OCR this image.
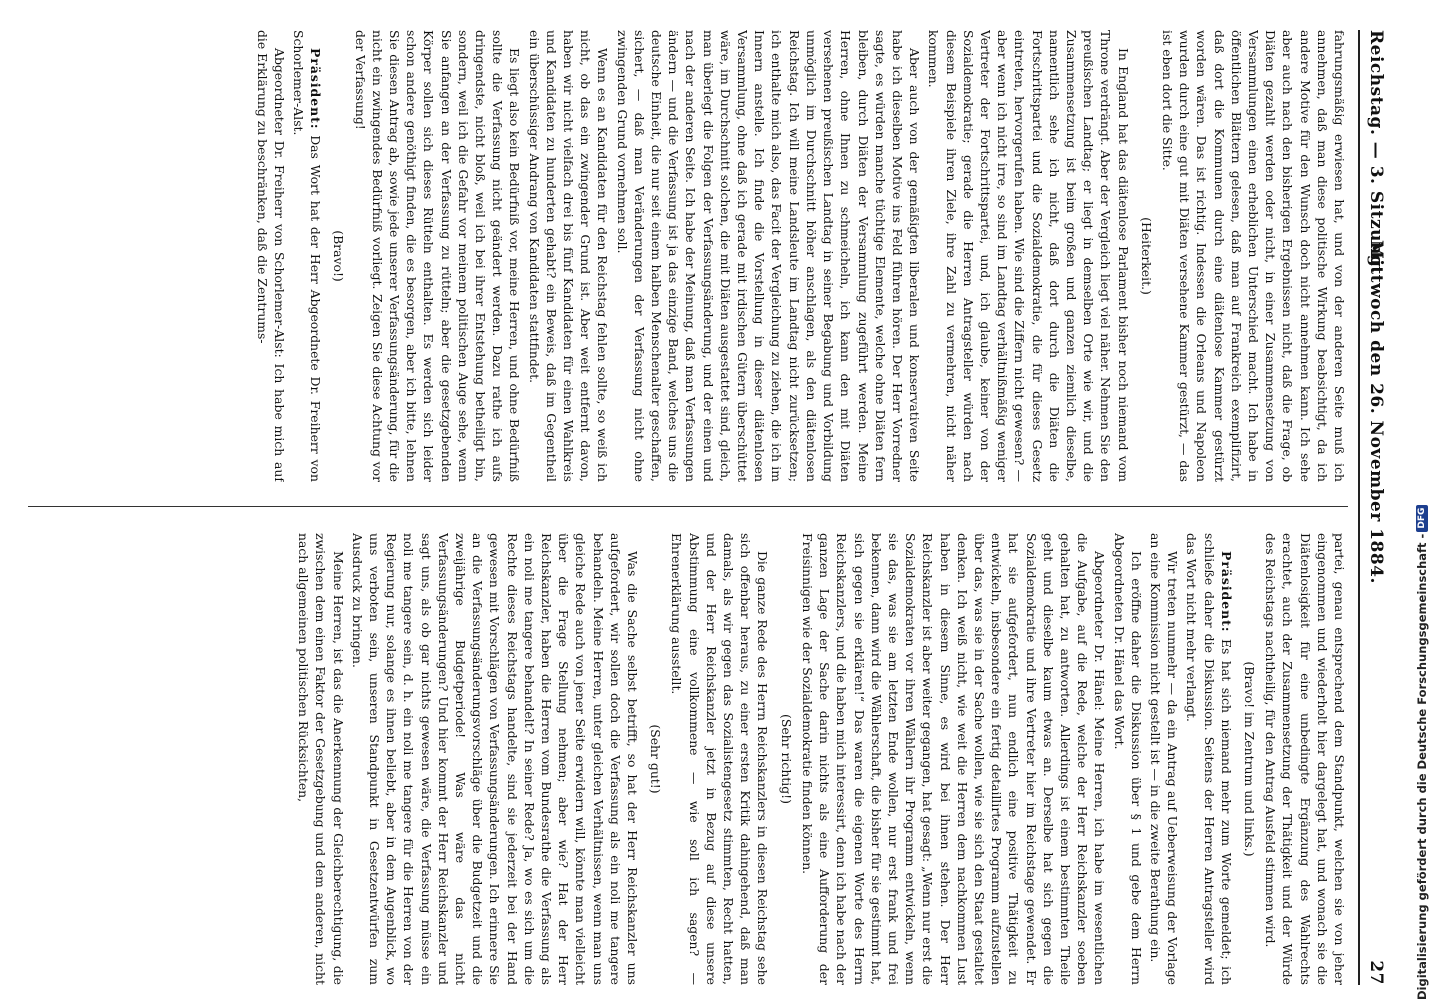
Reichstag. — 3. Sitzung.
Mittwoch den 26. November 1884.
27

fahrungsmäßig erwiesen hat, und von der anderen Seite muß ich annehmen, daß man diese politische Wirkung beabsichtigt, da ich andere Motive für den Wunsch doch nicht annehmen kann. Ich sehe aber auch nach den bisherigen Ergebnissen nicht, daß die Frage, ob Diäten gezahlt werden oder nicht, in einer Zusammensetzung von Versammlungen einen erheblichen Unterschied macht. Ich habe in öffentlichen Blättern gelesen, daß man auf Frankreich exemplifizirt, daß dort die Kommunen durch eine diätenlose Kammer gestürzt worden wären. Das ist richtig. Indessen die Orleans und Napoleon wurden durch eine gut mit Diäten versehene Kammer gestürzt, — das ist eben dort die Sitte.

(Heiterkeit.)

In England hat das diätenlose Parlament bisher noch niemand vom Throne verdrängt. Aber der Vergleich liegt viel näher. Nehmen Sie den preußischen Landtag; er liegt in demselben Orte wie wir, und die Zusammensetzung ist beim großen und ganzen ziemlich dieselbe, namentlich sehe ich nicht, daß dort durch die Diäten die Fortschrittspartei und die Sozialdemokratie, die für dieses Gesetz eintreten, hervorgerufen haben. Wie sind die Ziffern nicht gewesen? — aber wenn ich nicht irre, so sind im Landtag verhältnißmäßig weniger Vertreter der Fortschrittspartei, und, ich glaube, keiner von der Sozialdemokratie; gerade die Herren Antragsteller würden nach diesem Beispiele ihren Ziele, ihre Zahl zu vermehren, nicht näher kommen.

Aber auch von der gemäßigten liberalen und konservativen Seite habe ich dieselben Motive ins Feld führen hören. Der Herr Vorredner sagte, es würden manche tüchtige Elemente, welche ohne Diäten fern bleiben, durch Diäten der Versammlung zugeführt werden. Meine Herren, ohne Ihnen zu schmeicheln, ich kann den mit Diäten versehenen preußischen Landtag in seiner Begabung und Vorbildung unmöglich im Durchschnitt höher anschlagen, als den diätenlosen Reichstag. Ich will meine Landsleute im Landtag nicht zurücksetzen; ich enthalte mich also, das Facit der Vergleichung zu ziehen, die ich im Innern anstelle. Ich finde die Vorstellung in dieser diätenlosen Versammlung, ohne daß ich gerade mit irdischen Gütern überschüttet wäre, im Durchschnitt solchen, die mit Diäten ausgestattet sind, gleich, man überlegt die Folgen der Verfassungsänderung, und der einen und nach der anderen Seite. Ich habe der Meinung, daß man Verfassungen ändern — und die Verfassung ist ja das einzige Band, welches uns die deutsche Einheit, die nur seit einem halben Menschenalter geschaffen, sichert, — daß man Veränderungen der Verfassung nicht ohne zwingenden Grund vornehmen soll.

Wenn es an Kandidaten für den Reichstag fehlen sollte, so weiß ich nicht, ob das ein zwingender Grund ist. Aber weit entfernt davon, haben wir nicht vielfach drei bis fünf Kandidaten für einen Wahlkreis und Kandidaten zu hunderten gehabt? ein Beweis, daß im Gegentheil ein überschüssiger Andrang von Kandidaten stattfindet.

Es liegt also kein Bedürfniß vor, meine Herren, und ohne Bedürfniß sollte die Verfassung nicht geändert werden. Dazu rathe ich aufs dringendste, nicht bloß, weil ich bei ihrer Entstehung betheiligt bin, sondern, weil ich die Gefahr vor meinem politischen Auge sehe, wenn Sie anfangen an der Verfassung zu rütteln; aber die gesetzgebenden Körper sollen sich dieses Rütteln enthalten. Es werden sich leider schon andere genöthigt finden, die es besorgen, aber ich bitte, lehnen Sie diesen Antrag ab, sowie jede unserer Verfassungsänderung, für die nicht ein zwingendes Bedürfniß vorliegt. Zeigen Sie diese Achtung vor der Verfassung!

(Bravo!)

Präsident: Das Wort hat der Herr Abgeordnete Dr. Freiherr von Schorlemer-Alst.

Abgeordneter Dr. Freiherr von Schorlemer-Alst: Ich habe mich auf die Erklärung zu beschränken, daß die Zentrums-

partei, genau entsprechend dem Standpunkt, welchen sie von jeher eingenommen und wiederholt hier dargelegt hat, und wonach sie die Diätenlosigkeit für eine unbedingte Ergänzung des Wahlrechts erachtet, auch der Zusammensetzung der Thätigkeit und der Würde des Reichstags nachtheilig, für den Antrag Ausfeld stimmen wird.

(Bravo! im Zentrum und links.)

Präsident: Es hat sich niemand mehr zum Worte gemeldet; ich schließe daher die Diskussion. Seitens der Herren Antragsteller wird das Wort nicht mehr verlangt.

Wir treten nunmehr — da ein Antrag auf Ueberweisung der Vorlage an eine Kommission nicht gestellt ist — in die zweite Berathung ein.

Ich eröffne daher die Diskussion über § 1 und gebe dem Herrn Abgeordneten Dr. Hänel das Wort.

Abgeordneter Dr. Hänel: Meine Herren, ich habe im wesentlichen die Aufgabe, auf die Rede, welche der Herr Reichskanzler soeben gehalten hat, zu antworten. Allerdings ist einem bestimmten Theile geht und dieselbe kaum etwas an. Derselbe hat sich gegen die Sozialdemokratie und ihre Vertreter hier im Reichstage gewendet. Er hat sie aufgefordert, nun endlich eine positive Thätigkeit zu entwickeln, insbesondere ein fertig detaillirtes Programm aufzustellen über das, was sie in der Sache wollen, wie sie sich den Staat gestaltet denken. Ich weiß nicht, wie weit die Herren dem nachkommen Lust haben in diesem Sinne, es wird bei ihnen stehen. Der Herr Reichskanzler ist aber weiter gegangen, hat gesagt: „Wenn nur erst die Sozialdemokraten vor ihren Wählern ihr Programm entwickeln, wenn sie das, was sie am letzten Ende wollen, nur erst frank und frei bekennen, dann wird die Wählerschaft, die bisher für sie gestimmt hat, sich gegen sie erklären!“ Das waren die eigenen Worte des Herrn Reichskanzlers, und die haben mich interessirt, denn ich habe nach der ganzen Lage der Sache darin nichts als eine Aufforderung der Freisinnigen wie der Sozialdemokratie finden können.

(Sehr richtig!)

Die ganze Rede des Herrn Reichskanzlers in diesen Reichstag sehe sich offenbar heraus, zu einer ersten Kritik dahingehend, daß man damals, als wir gegen das Sozialistengesetz stimmten, Recht hatten, und der Herr Reichskanzler jetzt in Bezug auf diese unsere Abstimmung eine vollkommene — wie soll ich sagen? — Ehrenerklärung ausstellt.

(Sehr gut!)

Was die Sache selbst betrifft, so hat der Herr Reichskanzler uns aufgefordert, wir sollen doch die Verfassung als ein noli me tangere behandeln. Meine Herren, unter gleichen Verhältnissen, wenn man uns gleiche Rede auch von jener Seite erwidern will, könnte man vielleicht über die Frage Stellung nehmen; aber wie? Hat der Herr Reichskanzler, haben die Herren vom Bundesrathe die Verfassung als ein noli me tangere behandelt? In seiner Rede? Ja, wo es sich um die Rechte dieses Reichstags handelte, sind sie jederzeit bei der Hand gewesen mit Vorschlägen von Verfassungsänderungen. Ich erinnere Sie an die Verfassungsänderungsvorschläge über die Budgetzeit und die zweijährige Budgetperiode! Was wäre das nicht Verfassungsänderungen? Und hier kommt der Herr Reichskanzler und sagt uns, als ob gar nichts gewesen wäre, die Verfassung müsse ein noli me tangere sein, d. h. ein noli me tangere für die Herren von der Regierung nur, solange es ihnen beliebt, aber in dem Augenblick, wo uns verboten sein, unseren Standpunkt in Gesetzentwürfen zum Ausdruck zu bringen.

Meine Herren, ist das die Anerkennung der Gleichberechtigung, die zwischen dem einen Faktor der Gesetzgebung und dem anderen, nicht nach allgemeinen politischen Rücksichten,	Digitalisierung gefördert durch die Deutsche Forschungsgemeinschaft -
DFG
